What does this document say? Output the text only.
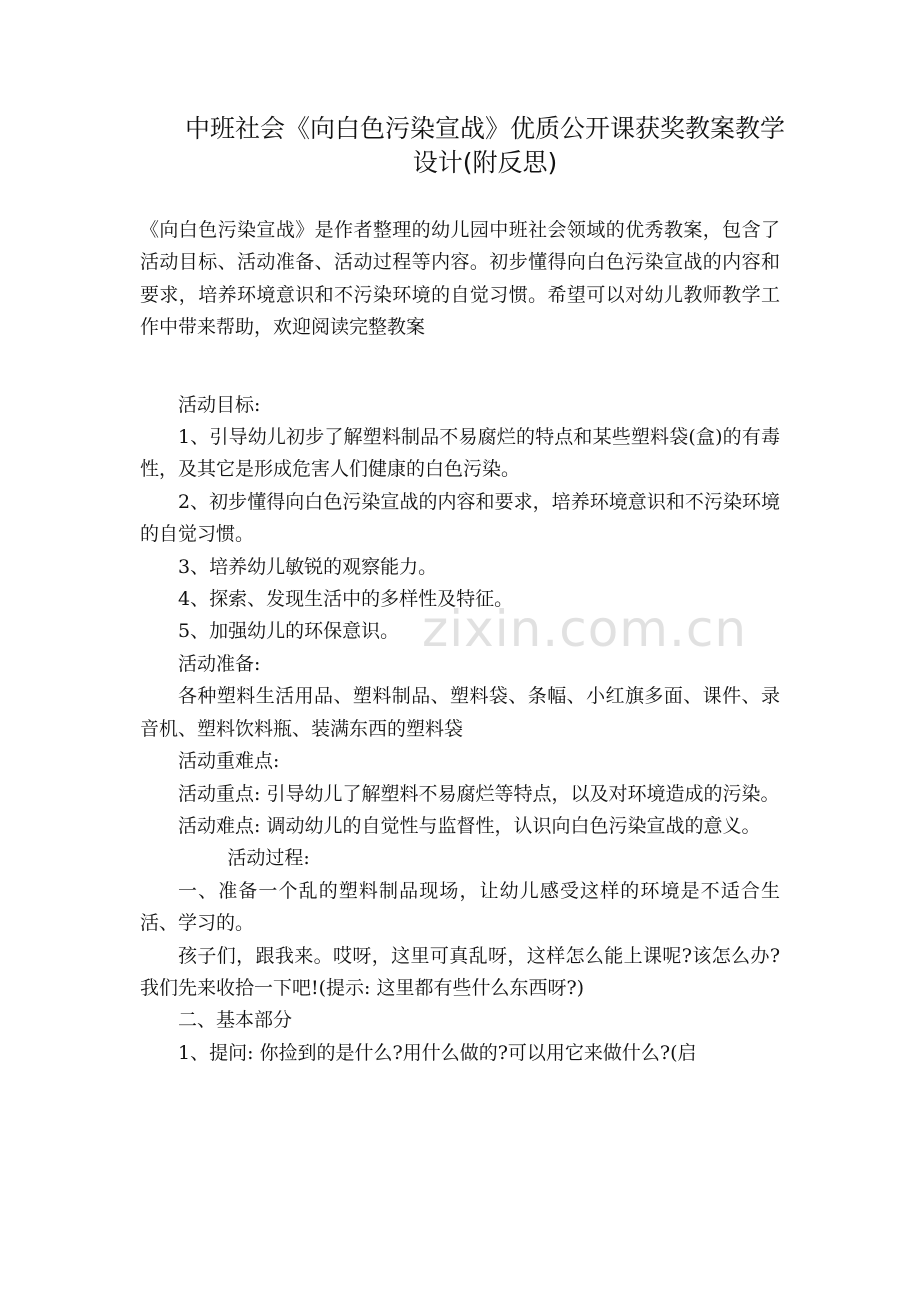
中班社会《向白色污染宣战》优质公开课获奖教案教学
设计(附反思)

《向白色污染宣战》是作者整理的幼儿园中班社会领域的优秀教案，包含了活动目标、活动准备、活动过程等内容。初步懂得向白色污染宣战的内容和要求，培养环境意识和不污染环境的自觉习惯。希望可以对幼儿教师教学工作中带来帮助，欢迎阅读完整教案

活动目标:

1、引导幼儿初步了解塑料制品不易腐烂的特点和某些塑料袋(盒)的有毒性，及其它是形成危害人们健康的白色污染。

2、初步懂得向白色污染宣战的内容和要求，培养环境意识和不污染环境的自觉习惯。

3、培养幼儿敏锐的观察能力。

4、探索、发现生活中的多样性及特征。

5、加强幼儿的环保意识。

活动准备:

各种塑料生活用品、塑料制品、塑料袋、条幅、小红旗多面、课件、录音机、塑料饮料瓶、装满东西的塑料袋

活动重难点:

活动重点: 引导幼儿了解塑料不易腐烂等特点，以及对环境造成的污染。

活动难点: 调动幼儿的自觉性与监督性，认识向白色污染宣战的意义。

活动过程:

一、准备一个乱的塑料制品现场，让幼儿感受这样的环境是不适合生活、学习的。

孩子们，跟我来。哎呀，这里可真乱呀，这样怎么能上课呢?该怎么办?我们先来收拾一下吧!(提示: 这里都有些什么东西呀?)

二、基本部分

1、提问: 你捡到的是什么?用什么做的?可以用它来做什么?(启

zixin.com.cn
